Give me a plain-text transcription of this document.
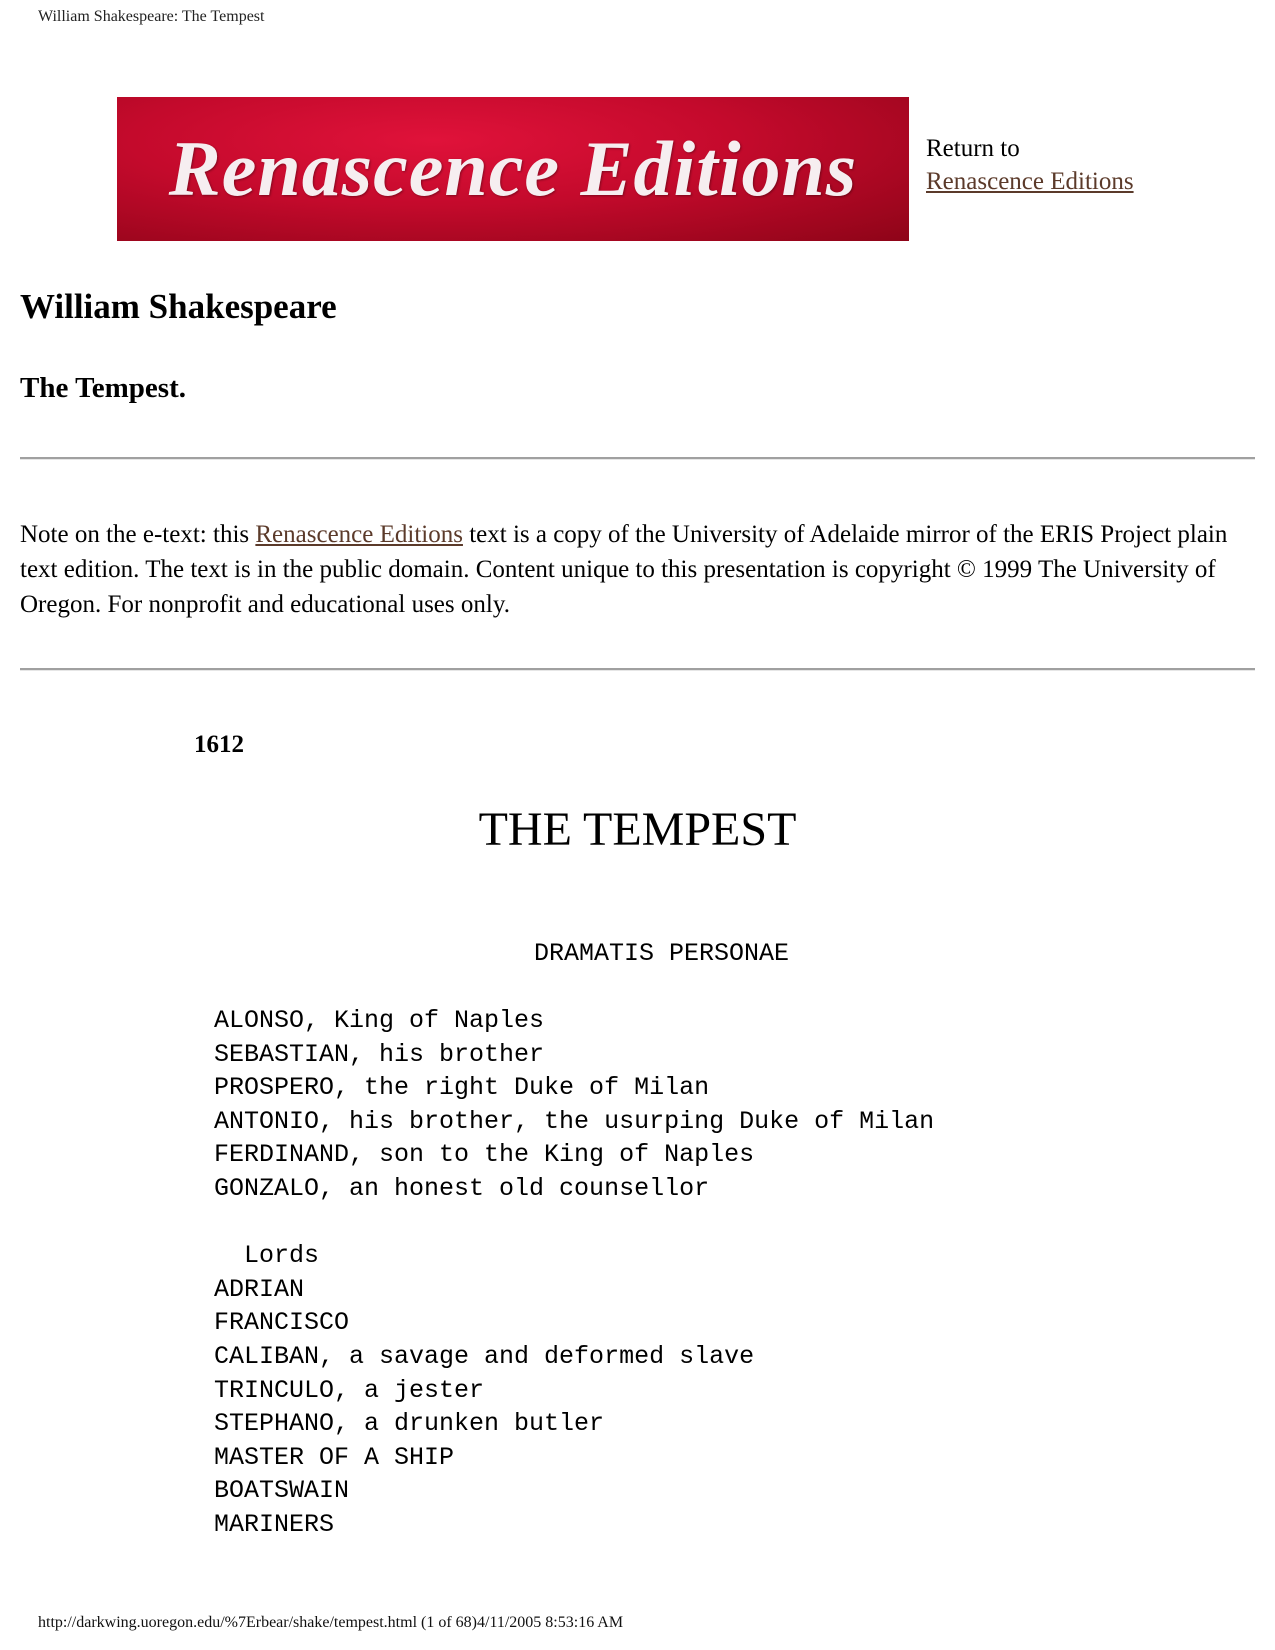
William Shakespeare: The Tempest
Renascence Editions	Return to
Renascence Editions
William Shakespeare
The Tempest.

Note on the e-text: this Renascence Editions text is a copy of the University of Adelaide mirror of the ERIS Project plain text edition. The text is in the public domain. Content unique to this presentation is copyright © 1999 The University of Oregon. For nonprofit and educational uses only.

1612
THE TEMPEST
DRAMATIS PERSONAE
ALONSO, King of Naples
SEBASTIAN, his brother
PROSPERO, the right Duke of Milan
ANTONIO, his brother, the usurping Duke of Milan
FERDINAND, son to the King of Naples
GONZALO, an honest old counsellor
Lords
ADRIAN
FRANCISCO
CALIBAN, a savage and deformed slave
TRINCULO, a jester
STEPHANO, a drunken butler
MASTER OF A SHIP
BOATSWAIN
MARINERS
http://darkwing.uoregon.edu/%7Erbear/shake/tempest.html (1 of 68)4/11/2005 8:53:16 AM
